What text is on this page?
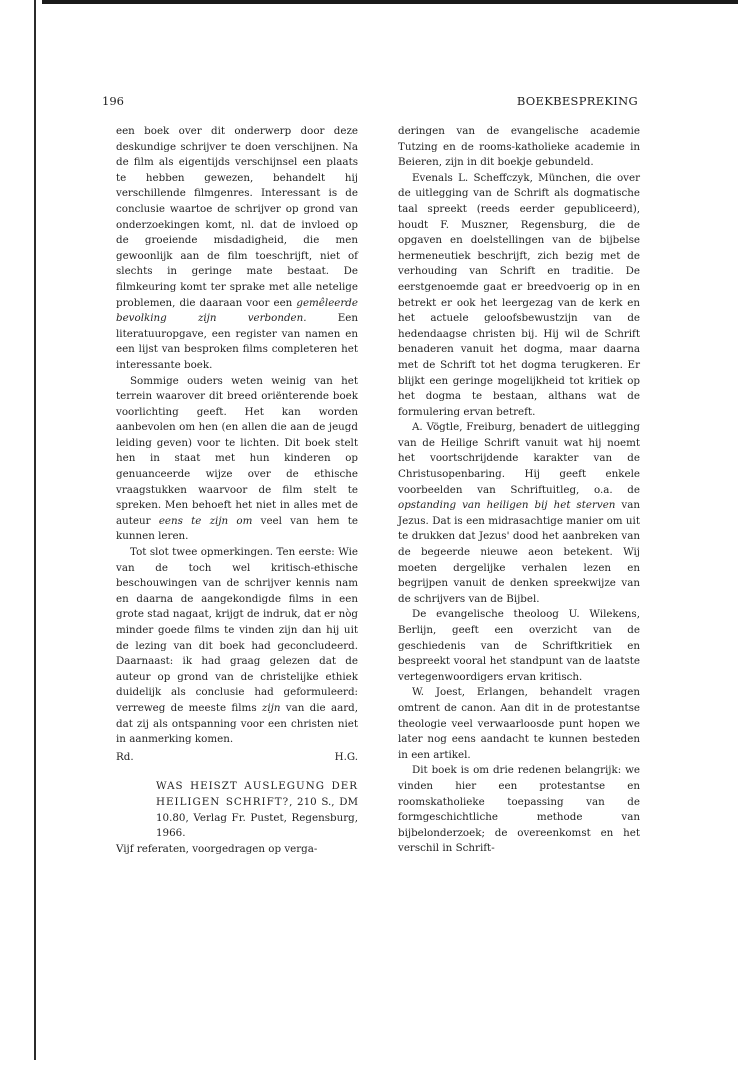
196	BOEKBESPREKING

een boek over dit onderwerp door deze deskundige schrijver te doen verschijnen. Na de film als eigentijds verschijnsel een plaats te hebben gewezen, behandelt hij verschillende filmgenres. Interessant is de conclusie waartoe de schrijver op grond van onderzoekingen komt, nl. dat de invloed op de groeiende misdadigheid, die men gewoonlijk aan de film toeschrijft, niet of slechts in geringe mate bestaat. De filmkeuring komt ter sprake met alle netelige problemen, die daaraan voor een gemêleerde bevolking zijn verbonden.	Een literatuuropgave, een register van namen en een lijst van besproken films completeren het interessante boek.

Sommige ouders weten weinig van het terrein waarover dit breed oriënterende boek voorlichting geeft. Het kan worden aanbevolen om hen (en allen die aan de jeugd leiding geven) voor te lichten. Dit boek stelt hen in staat met hun kinderen op genuanceerde wijze over de ethische vraagstukken waarvoor de film stelt te spreken. Men behoeft het niet in alles met de auteur eens te zijn om veel van hem te kunnen leren.

Tot slot twee opmerkingen. Ten eerste: Wie van de toch wel kritisch-ethische beschouwingen van de schrijver kennis nam en daarna de aangekondigde films in een grote stad nagaat, krijgt de indruk, dat er nòg minder goede films te vinden zijn dan hij uit de lezing van dit boek had geconcludeerd. Daarnaast: ik had graag gelezen dat de auteur op grond van de christelijke ethiek duidelijk als conclusie had geformuleerd: verreweg de meeste films zijn van die aard, dat zij als ontspanning voor een christen niet in aanmerking komen.

Rd.	H.G.
WAS HEISZT AUSLEGUNG DER HEILIGEN SCHRIFT?, 210 S., DM 10.80, Verlag Fr. Pustet, Regensburg, 1966.

Vijf referaten, voorgedragen op verga-

deringen van de evangelische academie Tutzing en de rooms-katholieke academie in Beieren, zijn in dit boekje gebundeld.

Evenals L. Scheffczyk, München, die over de uitlegging van de Schrift als dogmatische taal spreekt (reeds eerder gepubliceerd), houdt F. Muszner, Regensburg, die de opgaven en doelstellingen van de bijbelse hermeneutiek beschrijft, zich bezig met de verhouding van Schrift en traditie. De eerstgenoemde gaat er breedvoerig op in en betrekt er ook het leergezag van de kerk en het actuele geloofsbewustzijn van de hedendaagse christen bij. Hij wil de Schrift benaderen vanuit het dogma, maar daarna met de Schrift tot het dogma terugkeren. Er blijkt een geringe mogelijkheid tot kritiek op het dogma te bestaan, althans wat de formulering ervan betreft.

A. Vögtle, Freiburg, benadert de uitlegging van de Heilige Schrift vanuit wat hij noemt het voortschrijdende karakter van de Christusopenbaring. Hij geeft enkele voorbeelden van Schriftuitleg, o.a. de opstanding van heiligen bij het sterven van Jezus. Dat is een midrasachtige manier om uit te drukken dat Jezus' dood het aanbreken van de begeerde nieuwe aeon betekent. Wij moeten dergelijke verhalen lezen en begrijpen vanuit de denken spreekwijze van de schrijvers van de Bijbel.

De evangelische theoloog U. Wilekens, Berlijn, geeft een overzicht van de geschiedenis van de Schriftkritiek en bespreekt vooral het standpunt van de laatste vertegenwoordigers ervan kritisch.

W. Joest, Erlangen, behandelt vragen omtrent de canon. Aan dit in de protestantse theologie veel verwaarloosde punt hopen we later nog eens aandacht te kunnen besteden in een artikel.

Dit boek is om drie redenen belangrijk: we vinden hier een protestantse en roomskatholieke toepassing van de formgeschichtliche methode van bijbelonderzoek; de overeenkomst en het verschil in Schrift-
